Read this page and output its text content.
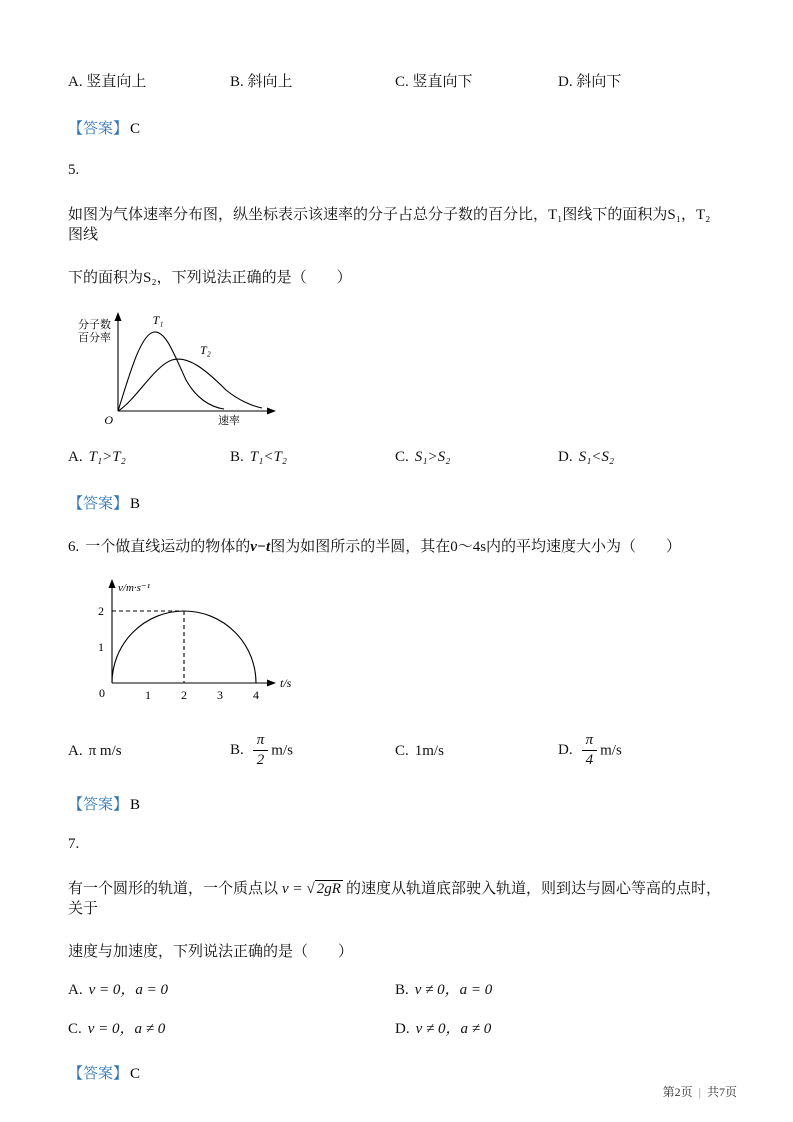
A. 竖直向上	B. 斜向上	C. 竖直向下	D. 斜向下
【答案】 C
5.

如图为气体速率分布图，纵坐标表示该速率的分子占总分子数的百分比，T₁图线下的面积为S₁，T₂图线

下的面积为S₂，下列说法正确的是（　　）

分子数
百分率
T₁
T₂
O	速率
A. T₁>T₂	B. T₁<T₂	C. S₁>S₂	D. S₁<S₂
【答案】 B

6. 一个做直线运动的物体的v−t图为如图所示的半圆，其在0～4s内的平均速度大小为（　　）

v/m·s⁻¹
2
1
0	1	2	3	4
t/s
A. π m/s	B. $\frac{\pi}{2} m/s$	C. 1m/s	D. $\frac{\pi}{4} m/s$
【答案】 B
7.

有一个圆形的轨道，一个质点以 v = √ 2gR 的速度从轨道底部驶入轨道，则到达与圆心等高的点时，关于

速度与加速度，下列说法正确的是（　　）

A. v = 0，a = 0	B. v ≠ 0，a = 0
C. v = 0，a ≠ 0	D. v ≠ 0，a ≠ 0
【答案】 C
第2页 | 共7页
